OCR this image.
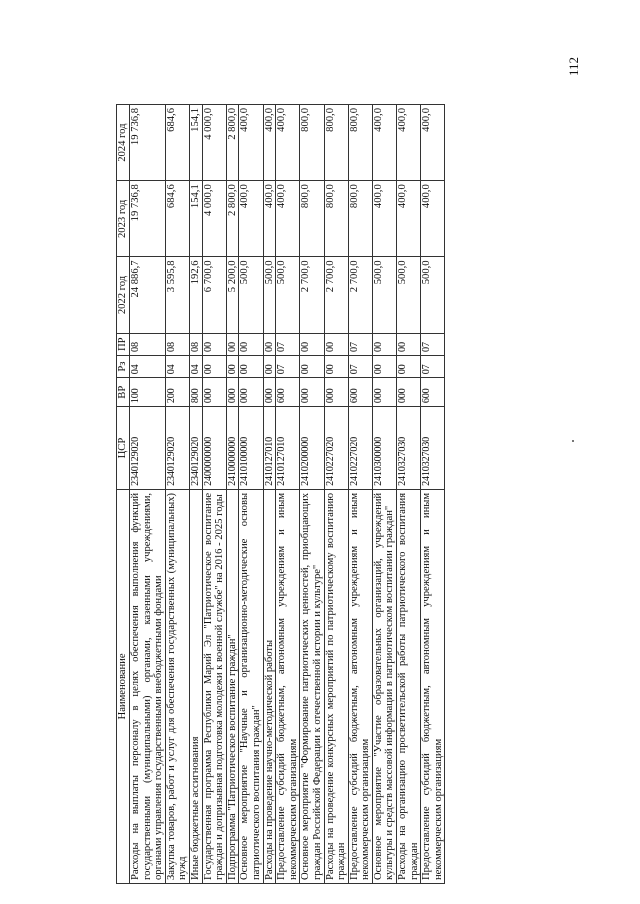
112
Наименование	ЦСР	ВР	Рз	ПР	2022 год	2023 год	2024 год
Расходы на выплаты персоналу в целях обеспечения выполнения функций государственными (муниципальными) органами, казенными учреждениями, органами управления государственными внебюджетными фондами	2340129020	100	04	08	24 886,7	19 736,8	19 736,8
Закупка товаров, работ и услуг для обеспечения государственных (муниципальных) нужд	2340129020	200	04	08	3 595,8	684,6	684,6
Иные бюджетные ассигнования	2340129020	800	04	08	192,6	154,1	154,1
Государственная программа Республики Марий Эл "Патриотическое воспитание граждан и допризывная подготовка молодежи к военной службе" на 2016 - 2025 годы	2400000000	000	00	00	6 700,0	4 000,0	4 000,0
Подпрограмма "Патриотическое воспитание граждан"	2410000000	000	00	00	5 200,0	2 800,0	2 800,0
Основное мероприятие "Научные и организационно-методические основы патриотического воспитания граждан"	2410100000	000	00	00	500,0	400,0	400,0
Расходы на проведение научно-методической работы	2410127010	000	00	00	500,0	400,0	400,0
Предоставление субсидий бюджетным, автономным учреждениям и иным некоммерческим организациям	2410127010	600	07	07	500,0	400,0	400,0
Основное мероприятие "Формирование патриотических ценностей, приобщающих граждан Российской Федерации к отечественной истории и культуре"	2410200000	000	00	00	2 700,0	800,0	800,0
Расходы на проведение конкурсных мероприятий по патриотическому воспитанию граждан	2410227020	000	00	00	2 700,0	800,0	800,0
Предоставление субсидий бюджетным, автономным учреждениям и иным некоммерческим организациям	2410227020	600	07	07	2 700,0	800,0	800,0
Основное мероприятие "Участие образовательных организаций, учреждений культуры и средств массовой информации в патриотическом воспитании граждан"	2410300000	000	00	00	500,0	400,0	400,0
Расходы на организацию просветительской работы патриотического воспитания граждан	2410327030	000	00	00	500,0	400,0	400,0
Предоставление субсидий бюджетным, автономным учреждениям и иным некоммерческим организациям	2410327030	600	07	07	500,0	400,0	400,0
